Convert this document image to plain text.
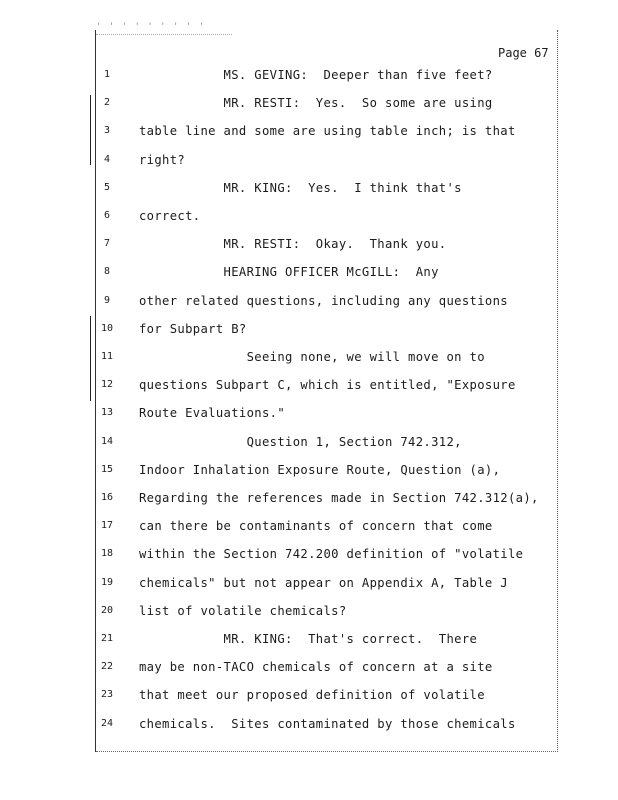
' ' ' ' ' ' ' ' '
Page 67
1	MS. GEVING:  Deeper than five feet?
2	MR. RESTI:  Yes.  So some are using
3	table line and some are using table inch; is that
4	right?
5	MR. KING:  Yes.  I think that's
6	correct.
7	MR. RESTI:  Okay.  Thank you.
8	HEARING OFFICER McGILL:  Any
9	other related questions, including any questions
10	for Subpart B?
11	Seeing none, we will move on to
12	questions Subpart C, which is entitled, "Exposure
13	Route Evaluations."
14	Question 1, Section 742.312,
15	Indoor Inhalation Exposure Route, Question (a),
16	Regarding the references made in Section 742.312(a),
17	can there be contaminants of concern that come
18	within the Section 742.200 definition of "volatile
19	chemicals" but not appear on Appendix A, Table J
20	list of volatile chemicals?
21	MR. KING:  That's correct.  There
22	may be non-TACO chemicals of concern at a site
23	that meet our proposed definition of volatile
24	chemicals.  Sites contaminated by those chemicals
